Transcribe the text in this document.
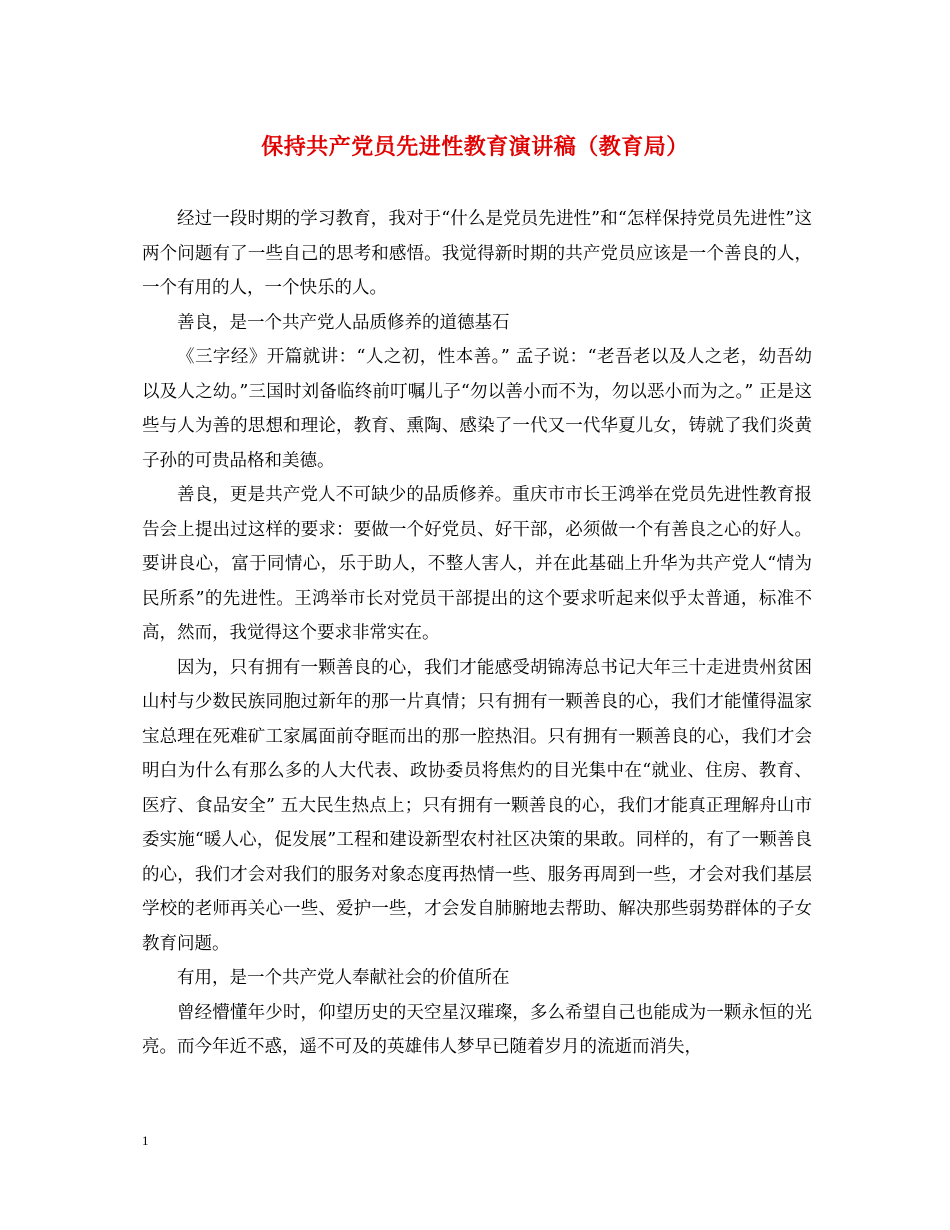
保持共产党员先进性教育演讲稿（教育局）

经过一段时期的学习教育，我对于“什么是党员先进性”和“怎样保持党员先进性”这两个问题有了一些自己的思考和感悟。我觉得新时期的共产党员应该是一个善良的人，一个有用的人，一个快乐的人。

善良，是一个共产党人品质修养的道德基石

《三字经》开篇就讲：“人之初，性本善。” 孟子说：“老吾老以及人之老，幼吾幼以及人之幼。”三国时刘备临终前叮嘱儿子“勿以善小而不为，勿以恶小而为之。” 正是这些与人为善的思想和理论，教育、熏陶、感染了一代又一代华夏儿女，铸就了我们炎黄子孙的可贵品格和美德。

善良，更是共产党人不可缺少的品质修养。重庆市市长王鸿举在党员先进性教育报告会上提出过这样的要求：要做一个好党员、好干部，必须做一个有善良之心的好人。要讲良心，富于同情心，乐于助人，不整人害人，并在此基础上升华为共产党人“情为民所系”的先进性。王鸿举市长对党员干部提出的这个要求听起来似乎太普通，标准不高，然而，我觉得这个要求非常实在。

因为，只有拥有一颗善良的心，我们才能感受胡锦涛总书记大年三十走进贵州贫困山村与少数民族同胞过新年的那一片真情；只有拥有一颗善良的心，我们才能懂得温家宝总理在死难矿工家属面前夺眶而出的那一腔热泪。只有拥有一颗善良的心，我们才会明白为什么有那么多的人大代表、政协委员将焦灼的目光集中在“就业、住房、教育、医疗、食品安全” 五大民生热点上；只有拥有一颗善良的心，我们才能真正理解舟山市委实施“暖人心，促发展”工程和建设新型农村社区决策的果敢。同样的，有了一颗善良的心，我们才会对我们的服务对象态度再热情一些、服务再周到一些，才会对我们基层学校的老师再关心一些、爱护一些，才会发自肺腑地去帮助、解决那些弱势群体的子女教育问题。

有用，是一个共产党人奉献社会的价值所在

曾经懵懂年少时，仰望历史的天空星汉璀璨，多么希望自己也能成为一颗永恒的光亮。而今年近不惑，遥不可及的英雄伟人梦早已随着岁月的流逝而消失，

1
